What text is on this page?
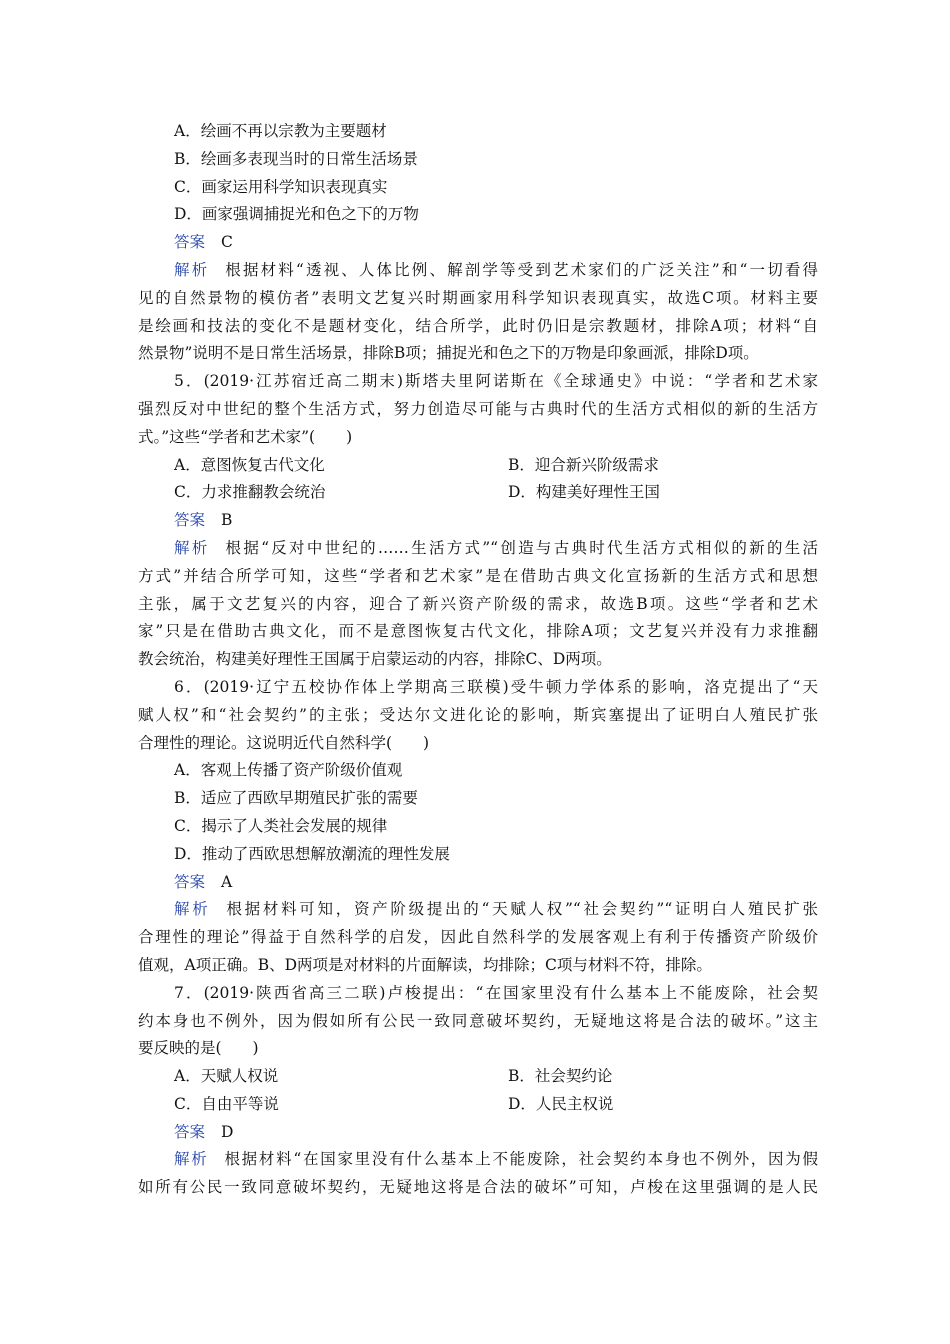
A．绘画不再以宗教为主要题材
B．绘画多表现当时的日常生活场景
C．画家运用科学知识表现真实
D．画家强调捕捉光和色之下的万物
答案 C
解析 根据材料“透视、人体比例、解剖学等受到艺术家们的广泛关注”和“一切看得
见的自然景物的模仿者”表明文艺复兴时期画家用科学知识表现真实，故选C项。材料主要
是绘画和技法的变化不是题材变化，结合所学，此时仍旧是宗教题材，排除A项；材料“自
然景物”说明不是日常生活场景，排除B项；捕捉光和色之下的万物是印象画派，排除D项。
5．(2019·江苏宿迁高二期末)斯塔夫里阿诺斯在《全球通史》中说：“学者和艺术家
强烈反对中世纪的整个生活方式，努力创造尽可能与古典时代的生活方式相似的新的生活方
式。”这些“学者和艺术家”(　　)
A．意图恢复古代文化	B．迎合新兴阶级需求
C．力求推翻教会统治	D．构建美好理性王国
答案 B
解析 根据“反对中世纪的……生活方式”“创造与古典时代生活方式相似的新的生活
方式”并结合所学可知，这些“学者和艺术家”是在借助古典文化宣扬新的生活方式和思想
主张，属于文艺复兴的内容，迎合了新兴资产阶级的需求，故选B项。这些“学者和艺术
家”只是在借助古典文化，而不是意图恢复古代文化，排除A项；文艺复兴并没有力求推翻
教会统治，构建美好理性王国属于启蒙运动的内容，排除C、D两项。
6．(2019·辽宁五校协作体上学期高三联模)受牛顿力学体系的影响，洛克提出了“天
赋人权”和“社会契约”的主张；受达尔文进化论的影响，斯宾塞提出了证明白人殖民扩张
合理性的理论。这说明近代自然科学(　　)
A．客观上传播了资产阶级价值观
B．适应了西欧早期殖民扩张的需要
C．揭示了人类社会发展的规律
D．推动了西欧思想解放潮流的理性发展
答案 A
解析 根据材料可知，资产阶级提出的“天赋人权”“社会契约”“证明白人殖民扩张
合理性的理论”得益于自然科学的启发，因此自然科学的发展客观上有利于传播资产阶级价
值观，A项正确。B、D两项是对材料的片面解读，均排除；C项与材料不符，排除。
7．(2019·陕西省高三二联)卢梭提出：“在国家里没有什么基本上不能废除，社会契
约本身也不例外，因为假如所有公民一致同意破坏契约，无疑地这将是合法的破坏。”这主
要反映的是(　　)
A．天赋人权说	B．社会契约论
C．自由平等说	D．人民主权说
答案 D
解析 根据材料“在国家里没有什么基本上不能废除，社会契约本身也不例外，因为假
如所有公民一致同意破坏契约，无疑地这将是合法的破坏”可知，卢梭在这里强调的是人民
